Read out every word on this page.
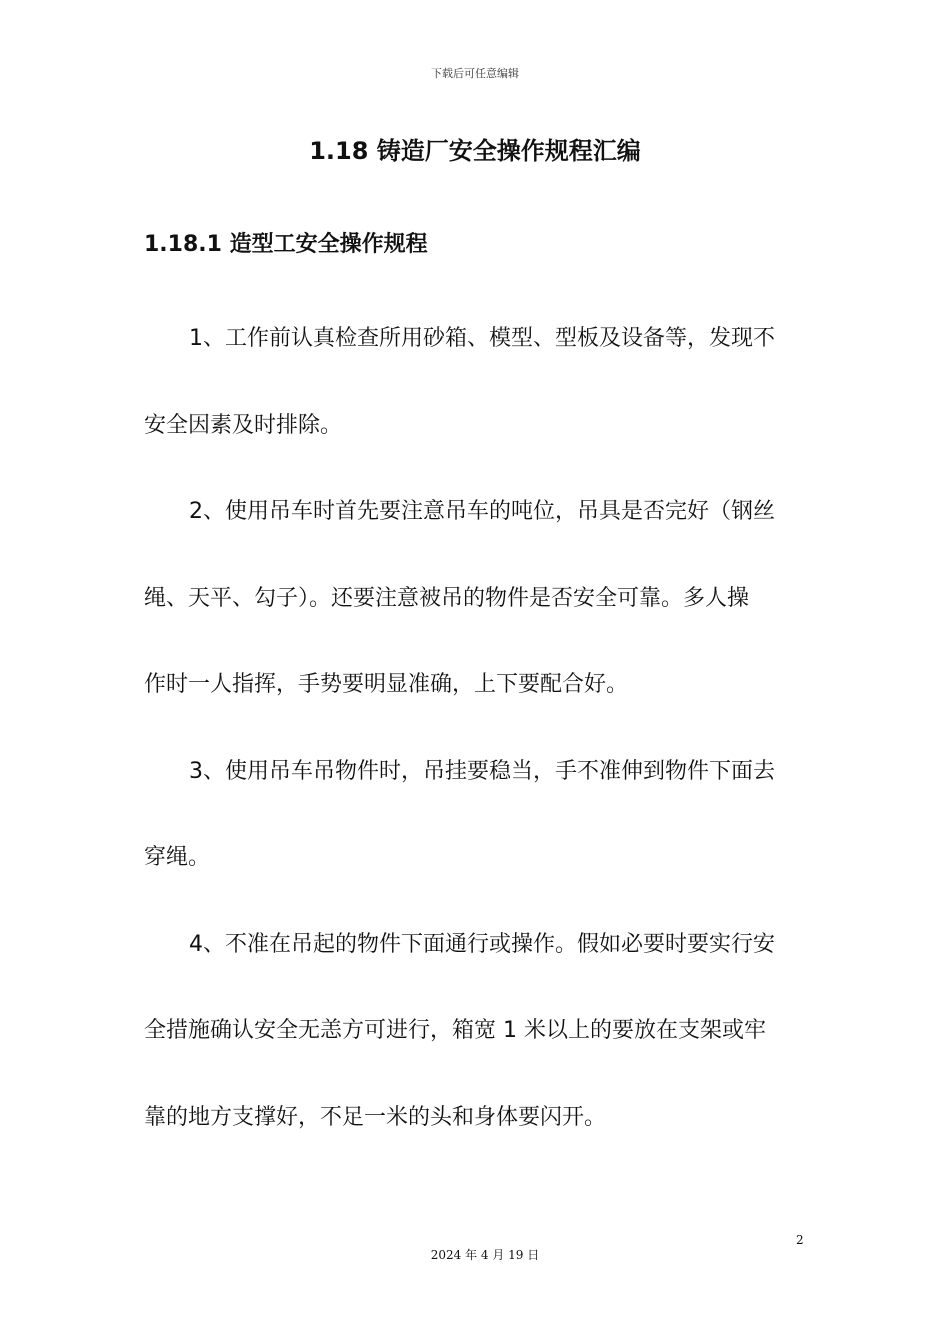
下载后可任意编辑
1.18 铸造厂安全操作规程汇编
1.18.1 造型工安全操作规程
1、工作前认真检查所用砂箱、模型、型板及设备等，发现不
安全因素及时排除。
2、使用吊车时首先要注意吊车的吨位，吊具是否完好（钢丝
绳、天平、勾子）。还要注意被吊的物件是否安全可靠。多人操
作时一人指挥，手势要明显准确，上下要配合好。
3、使用吊车吊物件时，吊挂要稳当，手不准伸到物件下面去
穿绳。
4、不准在吊起的物件下面通行或操作。假如必要时要实行安
全措施确认安全无恙方可进行，箱宽 1 米以上的要放在支架或牢
靠的地方支撑好，不足一米的头和身体要闪开。
2
2024 年 4 月 19 日
